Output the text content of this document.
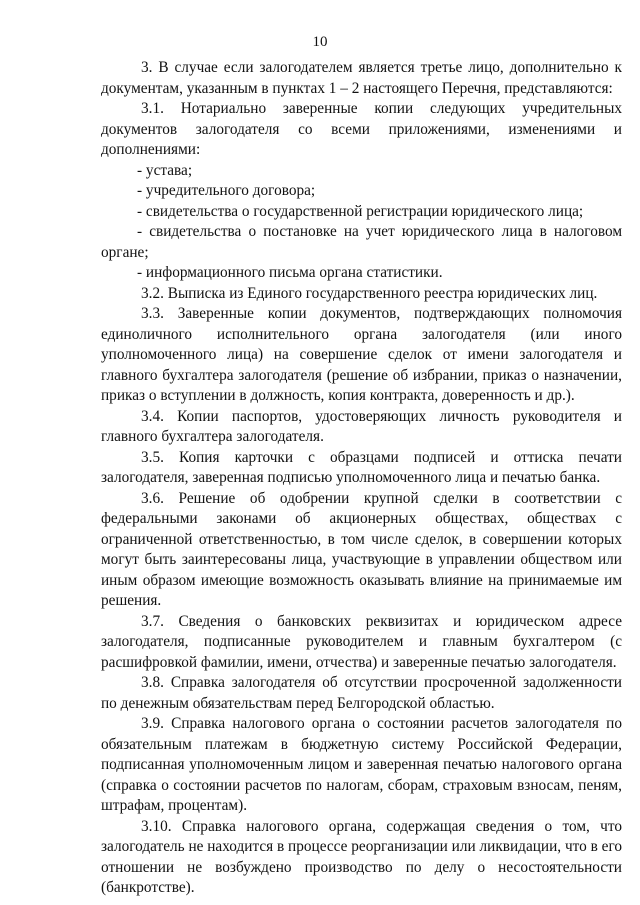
10

3. В случае если залогодателем является третье лицо, дополнительно к документам, указанным в пунктах 1 – 2 настоящего Перечня, представляются:

3.1. Нотариально заверенные копии следующих учредительных документов залогодателя со всеми приложениями, изменениями и дополнениями:

- устава;

- учредительного договора;

- свидетельства о государственной регистрации юридического лица;

- свидетельства о постановке на учет юридического лица в налоговом органе;

- информационного письма органа статистики.

3.2. Выписка из Единого государственного реестра юридических лиц.

3.3. Заверенные копии документов, подтверждающих полномочия единоличного исполнительного органа залогодателя (или иного уполномоченного лица) на совершение сделок от имени залогодателя и главного бухгалтера залогодателя (решение об избрании, приказ о назначении, приказ о вступлении в должность, копия контракта, доверенность и др.).

3.4. Копии паспортов, удостоверяющих личность руководителя и главного бухгалтера залогодателя.

3.5. Копия карточки с образцами подписей и оттиска печати залогодателя, заверенная подписью уполномоченного лица и печатью банка.

3.6. Решение об одобрении крупной сделки в соответствии с федеральными законами об акционерных обществах, обществах с ограниченной ответственностью, в том числе сделок, в совершении которых могут быть заинтересованы лица, участвующие в управлении обществом или иным образом имеющие возможность оказывать влияние на принимаемые им решения.

3.7. Сведения о банковских реквизитах и юридическом адресе залогодателя, подписанные руководителем и главным бухгалтером (с расшифровкой фамилии, имени, отчества) и заверенные печатью залогодателя.

3.8. Справка залогодателя об отсутствии просроченной задолженности по денежным обязательствам перед Белгородской областью.

3.9. Справка налогового органа о состоянии расчетов залогодателя по обязательным платежам в бюджетную систему Российской Федерации, подписанная уполномоченным лицом и заверенная печатью налогового органа (справка о состоянии расчетов по налогам, сборам, страховым взносам, пеням, штрафам, процентам).

3.10. Справка налогового органа, содержащая сведения о том, что залогодатель не находится в процессе реорганизации или ликвидации, что в его отношении не возбуждено производство по делу о несостоятельности (банкротстве).
